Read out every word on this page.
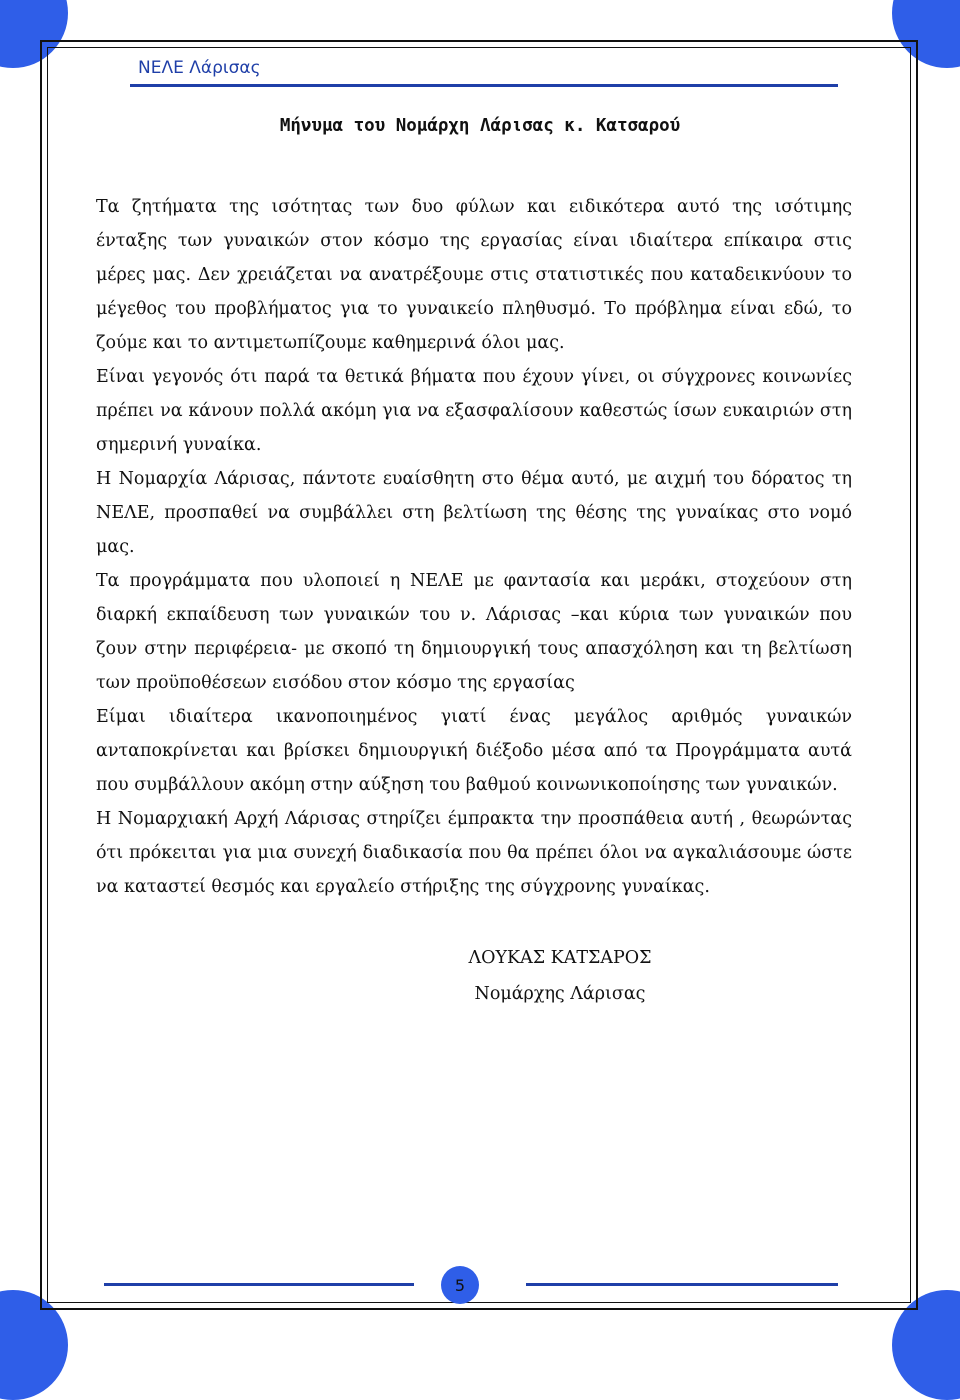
ΝΕΛΕ Λάρισας
Μήνυμα του Νομάρχη Λάρισας κ. Κατσαρού

Τα ζητήματα της ισότητας των δυο φύλων και ειδικότερα αυτό της ισότιμης ένταξης των γυναικών στον κόσμο της εργασίας είναι ιδιαίτερα επίκαιρα στις μέρες μας. Δεν χρειάζεται να ανατρέξουμε στις στατιστικές που καταδεικνύουν το μέγεθος του προβλήματος για το γυναικείο πληθυσμό. Το πρόβλημα είναι εδώ, το ζούμε και το αντιμετωπίζουμε καθημερινά όλοι μας.

Είναι γεγονός ότι παρά τα θετικά βήματα που έχουν γίνει, οι σύγχρονες κοινωνίες πρέπει να κάνουν πολλά ακόμη για να εξασφαλίσουν καθεστώς ίσων ευκαιριών στη σημερινή γυναίκα.

Η Νομαρχία Λάρισας, πάντοτε ευαίσθητη στο θέμα αυτό, με αιχμή του δόρατος τη ΝΕΛΕ, προσπαθεί να συμβάλλει στη βελτίωση της θέσης της γυναίκας στο νομό μας.

Τα προγράμματα που υλοποιεί η ΝΕΛΕ με φαντασία και μεράκι, στοχεύουν στη διαρκή εκπαίδευση των γυναικών του ν. Λάρισας –και κύρια των γυναικών που ζουν στην περιφέρεια- με σκοπό τη δημιουργική τους απασχόληση και τη βελτίωση των προϋποθέσεων εισόδου στον κόσμο της εργασίας

Είμαι ιδιαίτερα ικανοποιημένος γιατί ένας μεγάλος αριθμός γυναικών ανταποκρίνεται και βρίσκει δημιουργική διέξοδο μέσα από τα Προγράμματα αυτά που συμβάλλουν ακόμη στην αύξηση του βαθμού κοινωνικοποίησης των γυναικών.

Η Νομαρχιακή Αρχή Λάρισας στηρίζει έμπρακτα την προσπάθεια αυτή , θεωρώντας ότι πρόκειται για μια συνεχή διαδικασία που θα πρέπει όλοι να αγκαλιάσουμε ώστε να καταστεί θεσμός και εργαλείο στήριξης της σύγχρονης γυναίκας.

ΛΟΥΚΑΣ ΚΑΤΣΑΡΟΣ
Νομάρχης Λάρισας
5
